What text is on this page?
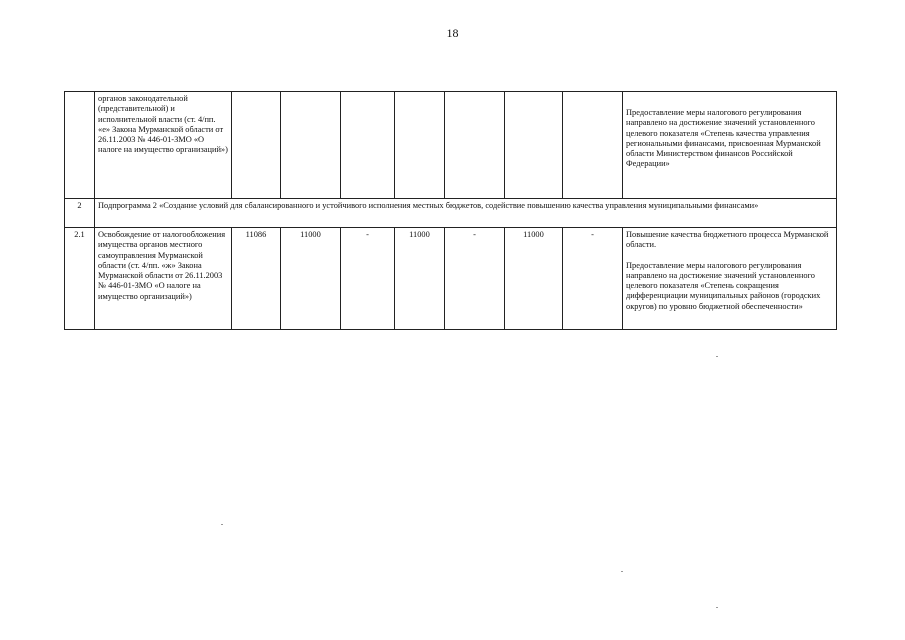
18
	органов законодательной (представительной) и исполнительной власти (ст. 4/пп. «е» Закона Мурманской области от 26.11.2003 № 446-01-ЗМО «О налоге на имущество организаций»)								Предоставление меры налогового регулирования направлено на достижение значений установленного целевого показателя «Степень качества управления региональными финансами, присвоенная Мурманской области Министерством финансов Российской Федерации»
2	Подпрограмма 2 «Создание условий для сбалансированного и устойчивого исполнения местных бюджетов, содействие повышению качества управления муниципальными финансами»								
2.1	Освобождение от налогообложения имущества органов местного самоуправления Мурманской области (ст. 4/пп. «ж» Закона Мурманской области от 26.11.2003 № 446-01-ЗМО «О налоге на имущество организаций»)	11086	11000	-	11000	-	11000	-	Повышение качества бюджетного процесса Мурманской области.
Предоставление меры налогового регулирования направлено на достижение значений установленного целевого показателя «Степень сокращения дифференциации муниципальных районов (городских округов) по уровню бюджетной обеспеченности»
